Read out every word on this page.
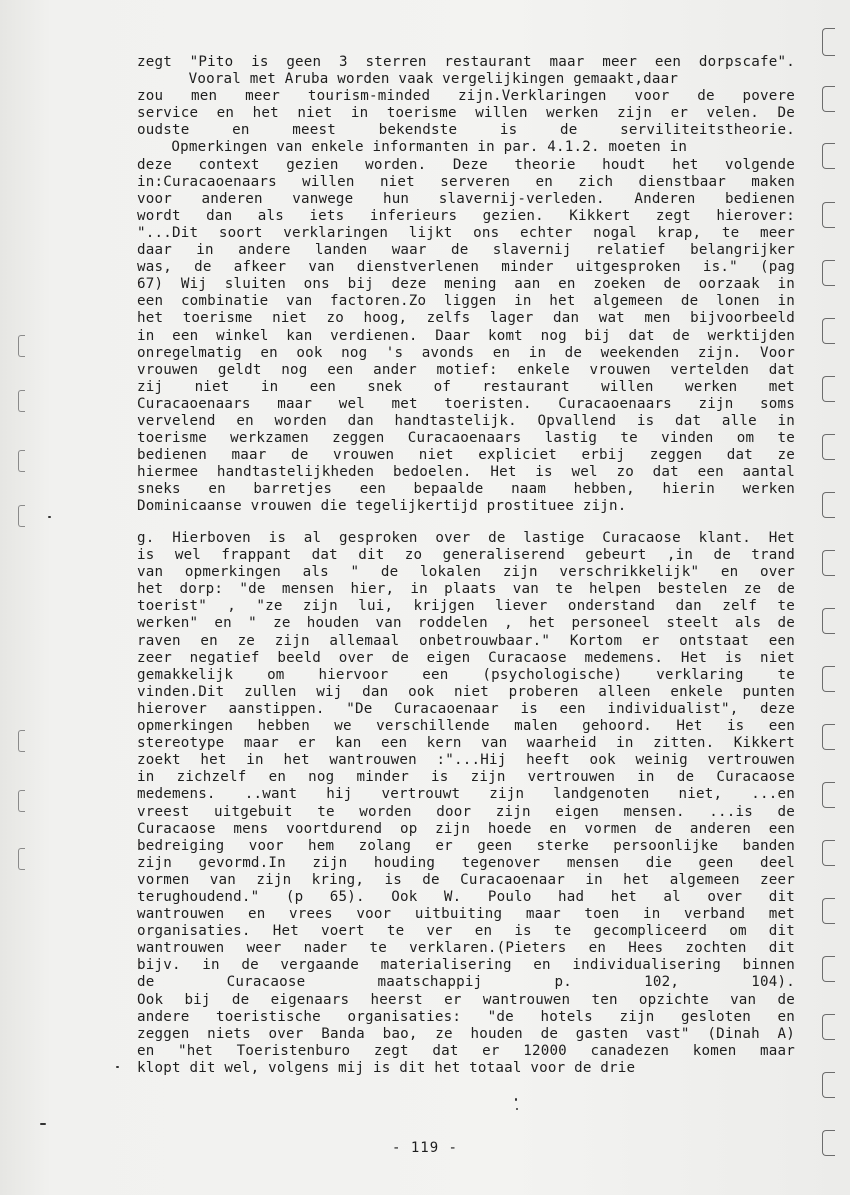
zegt "Pito is geen 3 sterren restaurant maar meer een dorpscafe".
Vooral met Aruba worden vaak vergelijkingen gemaakt,daar
zou men meer tourism-minded zijn.Verklaringen voor de povere
service en het niet in toerisme willen werken zijn er velen. De
oudste en meest bekendste is de serviliteitstheorie.
Opmerkingen van enkele informanten in par. 4.1.2. moeten in
deze context gezien worden. Deze theorie houdt het volgende
in:Curacaoenaars willen niet serveren en zich dienstbaar maken
voor anderen vanwege hun slavernij-verleden. Anderen bedienen
wordt dan als iets inferieurs gezien. Kikkert zegt hierover:
"...Dit soort verklaringen lijkt ons echter nogal krap, te meer
daar in andere landen waar de slavernij relatief belangrijker
was, de afkeer van dienstverlenen minder uitgesproken is." (pag
67) Wij sluiten ons bij deze mening aan en zoeken de oorzaak in
een combinatie van factoren.Zo liggen in het algemeen de lonen in
het toerisme niet zo hoog, zelfs lager dan wat men bijvoorbeeld
in een winkel kan verdienen. Daar komt nog bij dat de werktijden
onregelmatig en ook nog 's avonds en in de weekenden zijn. Voor
vrouwen geldt nog een ander motief: enkele vrouwen vertelden dat
zij niet in een snek of restaurant willen werken met
Curacaoenaars maar wel met toeristen. Curacaoenaars zijn soms
vervelend en worden dan handtastelijk. Opvallend is dat alle in
toerisme werkzamen zeggen Curacaoenaars lastig te vinden om te
bedienen maar de vrouwen niet expliciet erbij zeggen dat ze
hiermee handtastelijkheden bedoelen. Het is wel zo dat een aantal
sneks en barretjes een bepaalde naam hebben, hierin werken
Dominicaanse vrouwen die tegelijkertijd prostituee zijn.
g. Hierboven is al gesproken over de lastige Curacaose klant. Het
is wel frappant dat dit zo generaliserend gebeurt ,in de trand
van opmerkingen als " de lokalen zijn verschrikkelijk" en over
het dorp: "de mensen hier, in plaats van te helpen bestelen ze de
toerist" , "ze zijn lui, krijgen liever onderstand dan zelf te
werken" en " ze houden van roddelen , het personeel steelt als de
raven en ze zijn allemaal onbetrouwbaar." Kortom er ontstaat een
zeer negatief beeld over de eigen Curacaose medemens. Het is niet
gemakkelijk om hiervoor een (psychologische) verklaring te
vinden.Dit zullen wij dan ook niet proberen alleen enkele punten
hierover aanstippen. "De Curacaoenaar is een individualist", deze
opmerkingen hebben we verschillende malen gehoord. Het is een
stereotype maar er kan een kern van waarheid in zitten. Kikkert
zoekt het in het wantrouwen :"...Hij heeft ook weinig vertrouwen
in zichzelf en nog minder is zijn vertrouwen in de Curacaose
medemens. ..want hij vertrouwt zijn landgenoten niet, ...en
vreest uitgebuit te worden door zijn eigen mensen. ...is de
Curacaose mens voortdurend op zijn hoede en vormen de anderen een
bedreiging voor hem zolang er geen sterke persoonlijke banden
zijn gevormd.In zijn houding tegenover mensen die geen deel
vormen van zijn kring, is de Curacaoenaar in het algemeen zeer
terughoudend." (p 65). Ook W. Poulo had het al over dit
wantrouwen en vrees voor uitbuiting maar toen in verband met
organisaties. Het voert te ver en is te gecompliceerd om dit
wantrouwen weer nader te verklaren.(Pieters en Hees zochten dit
bijv. in de vergaande materialisering en individualisering binnen
de Curacaose maatschappij p. 102, 104).
Ook bij de eigenaars heerst er wantrouwen ten opzichte van de
andere toeristische organisaties: "de hotels zijn gesloten en
zeggen niets over Banda bao, ze houden de gasten vast" (Dinah A)
en "het Toeristenburo zegt dat er 12000 canadezen komen maar
klopt dit wel, volgens mij is dit het totaal voor de drie
- 119 -
